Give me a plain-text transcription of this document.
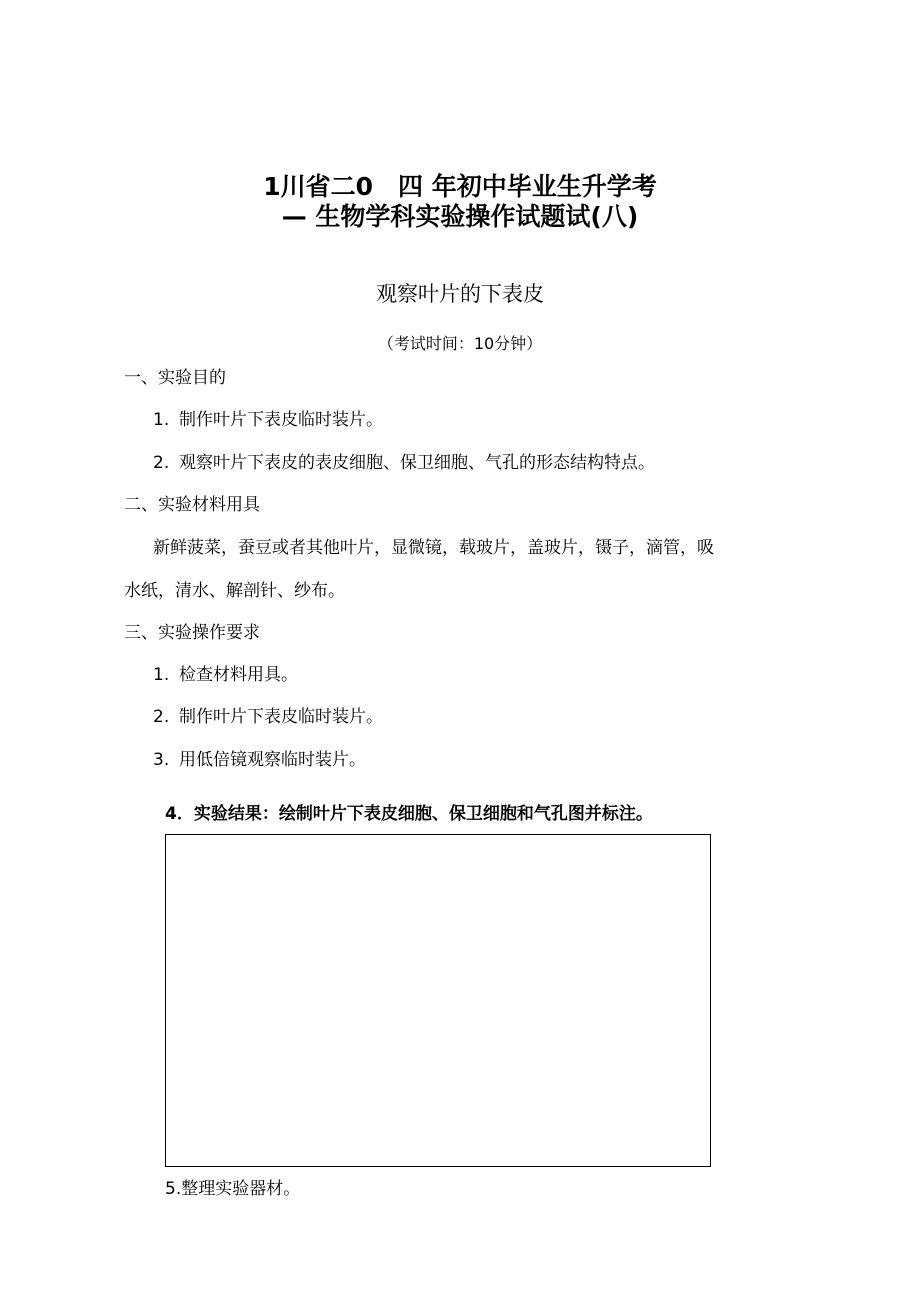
1川省二0　四 年初中毕业生升学考
— 生物学科实验操作试题试(八)
观察叶片的下表皮
（考试时间：10分钟）
一、实验目的
1. 制作叶片下表皮临时装片。
2. 观察叶片下表皮的表皮细胞、保卫细胞、气孔的形态结构特点。
二、实验材料用具
新鲜菠菜，蚕豆或者其他叶片，显微镜，载玻片，盖玻片，镊子，滴管，吸
水纸，清水、解剖针、纱布。
三、实验操作要求
1. 检查材料用具。
2. 制作叶片下表皮临时装片。
3. 用低倍镜观察临时装片。
4．实验结果：绘制叶片下表皮细胞、保卫细胞和气孔图并标注。
5.整理实验器材。
